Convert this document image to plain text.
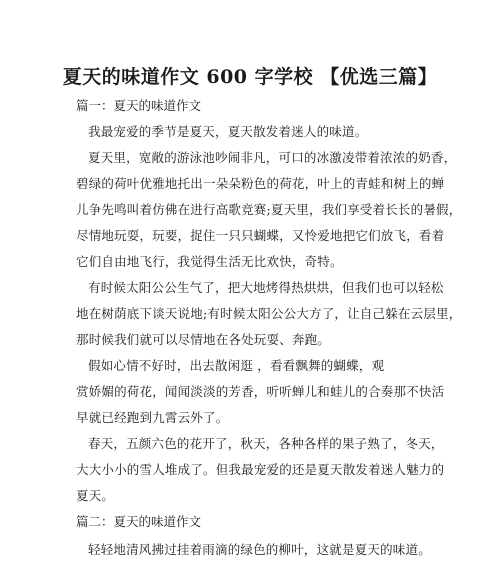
夏天的味道作文 600 字学校 【优选三篇】
篇一：夏天的味道作文
我最宠爱的季节是夏天，夏天散发着迷人的味道。
夏天里，宽敞的游泳池吵闹非凡，可口的冰激凌带着浓浓的奶香，
碧绿的荷叶优雅地托出一朵朵粉色的荷花，叶上的青蛙和树上的蝉
儿争先鸣叫着仿佛在进行高歌竞赛;夏天里，我们享受着长长的暑假，
尽情地玩耍，玩要，捉住一只只蝴蝶，又怜爱地把它们放飞，看着
它们自由地飞行，我觉得生活无比欢快，奇特。
有时候太阳公公生气了，把大地烤得热烘烘，但我们也可以轻松
地在树荫底下谈天说地;有时候太阳公公大方了，让自己躲在云层里，
那时候我们就可以尽情地在各处玩耍、奔跑。
假如心情不好时，出去散闲逛 ，看看飘舞的蝴蝶，观
赏娇媚的荷花，闻闻淡淡的芳香，听听蝉儿和蛙儿的合奏那不快活
早就已经跑到九霄云外了。
春天，五颜六色的花开了，秋天，各种各样的果子熟了，冬天，
大大小小的雪人堆成了。但我最宠爱的还是夏天散发着迷人魅力的
夏天。
篇二：夏天的味道作文
轻轻地清风拂过挂着雨滴的绿色的柳叶，这就是夏天的味道。
